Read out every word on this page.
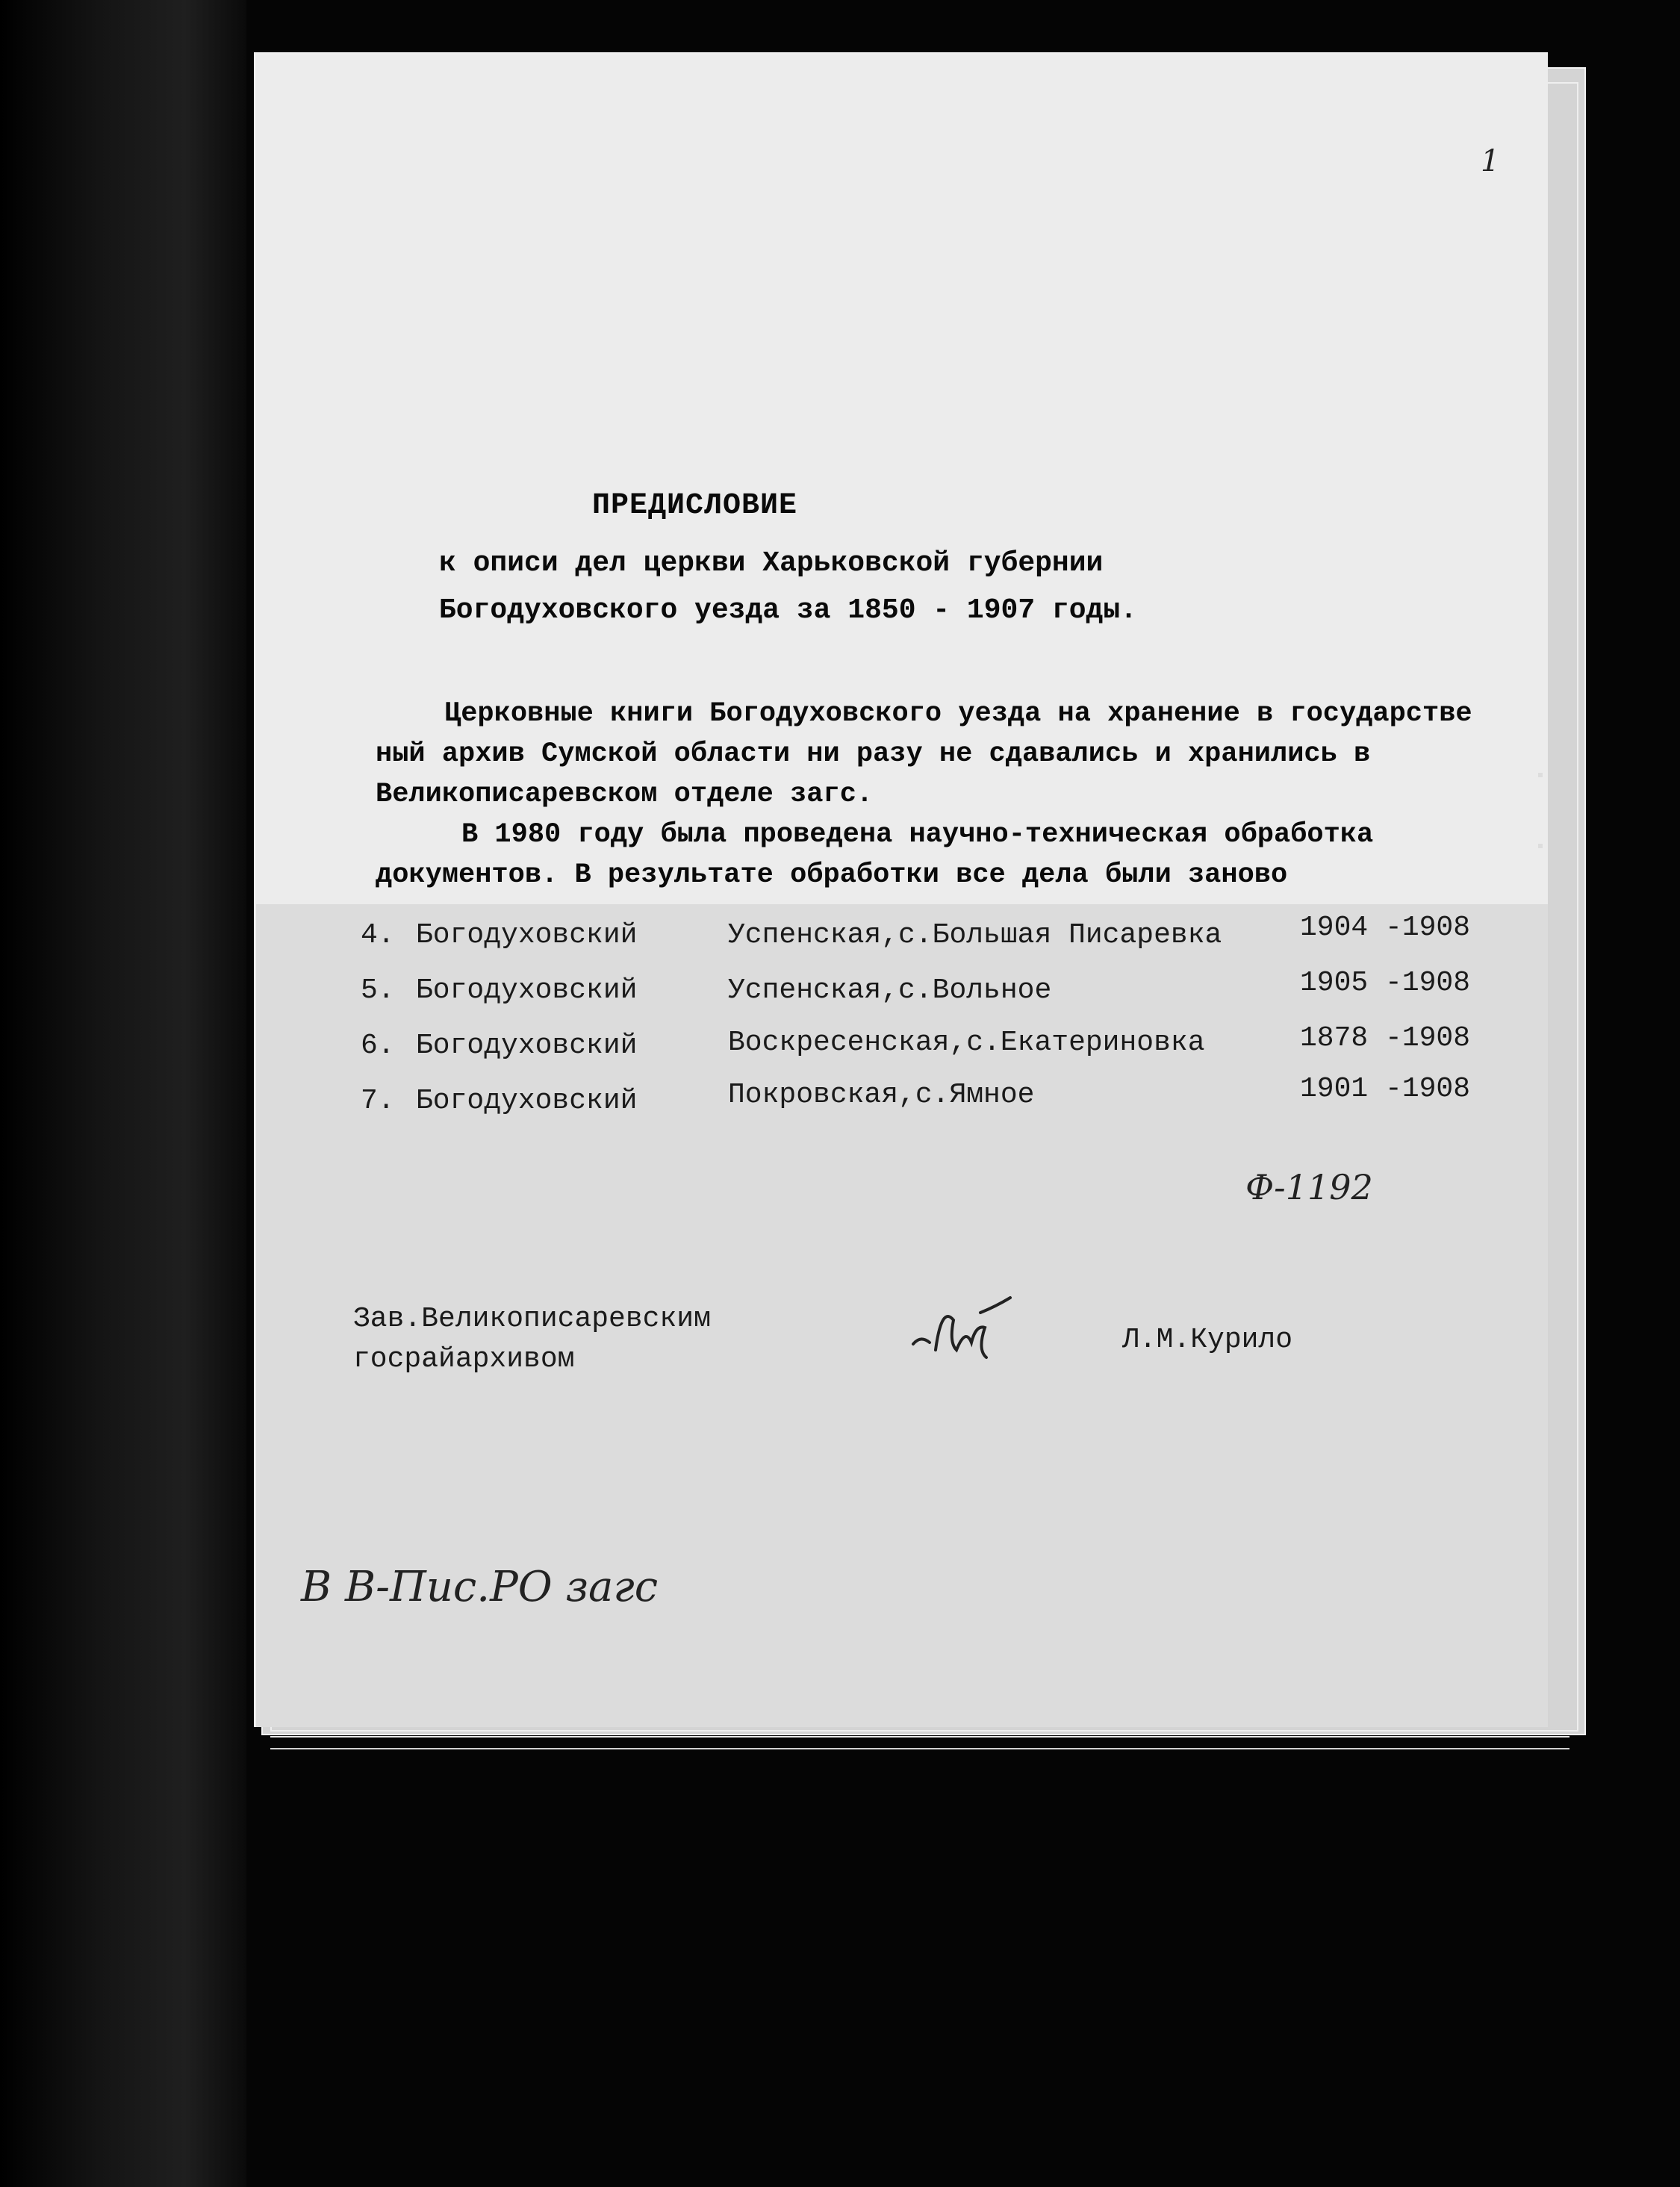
1
ПРЕДИСЛОВИЕ
к описи дел церкви Харьковской губернии
Богодуховского уезда за 1850 - 1907 годы.
Церковные книги Богодуховского уезда на хранение в государстве
ный архив Сумской области ни разу не сдавались и хранились в
Великописаревском отделе загс.
В 1980 году была проведена научно-техническая обработка
документов. В результате обработки все дела были заново
4. Богодуховский	Успенская,с.Большая Писаревка	1904 -1908
5. Богодуховский	Успенская,с.Вольное	1905 -1908
6. Богодуховский	Воскресенская,с.Екатериновка	1878 -1908
7. Богодуховский	Покровская,с.Ямное	1901 -1908
Ф-1192
Зав.Великописаревским
госрайархивом
Л.М.Курило
В В-Пис.РО загс
